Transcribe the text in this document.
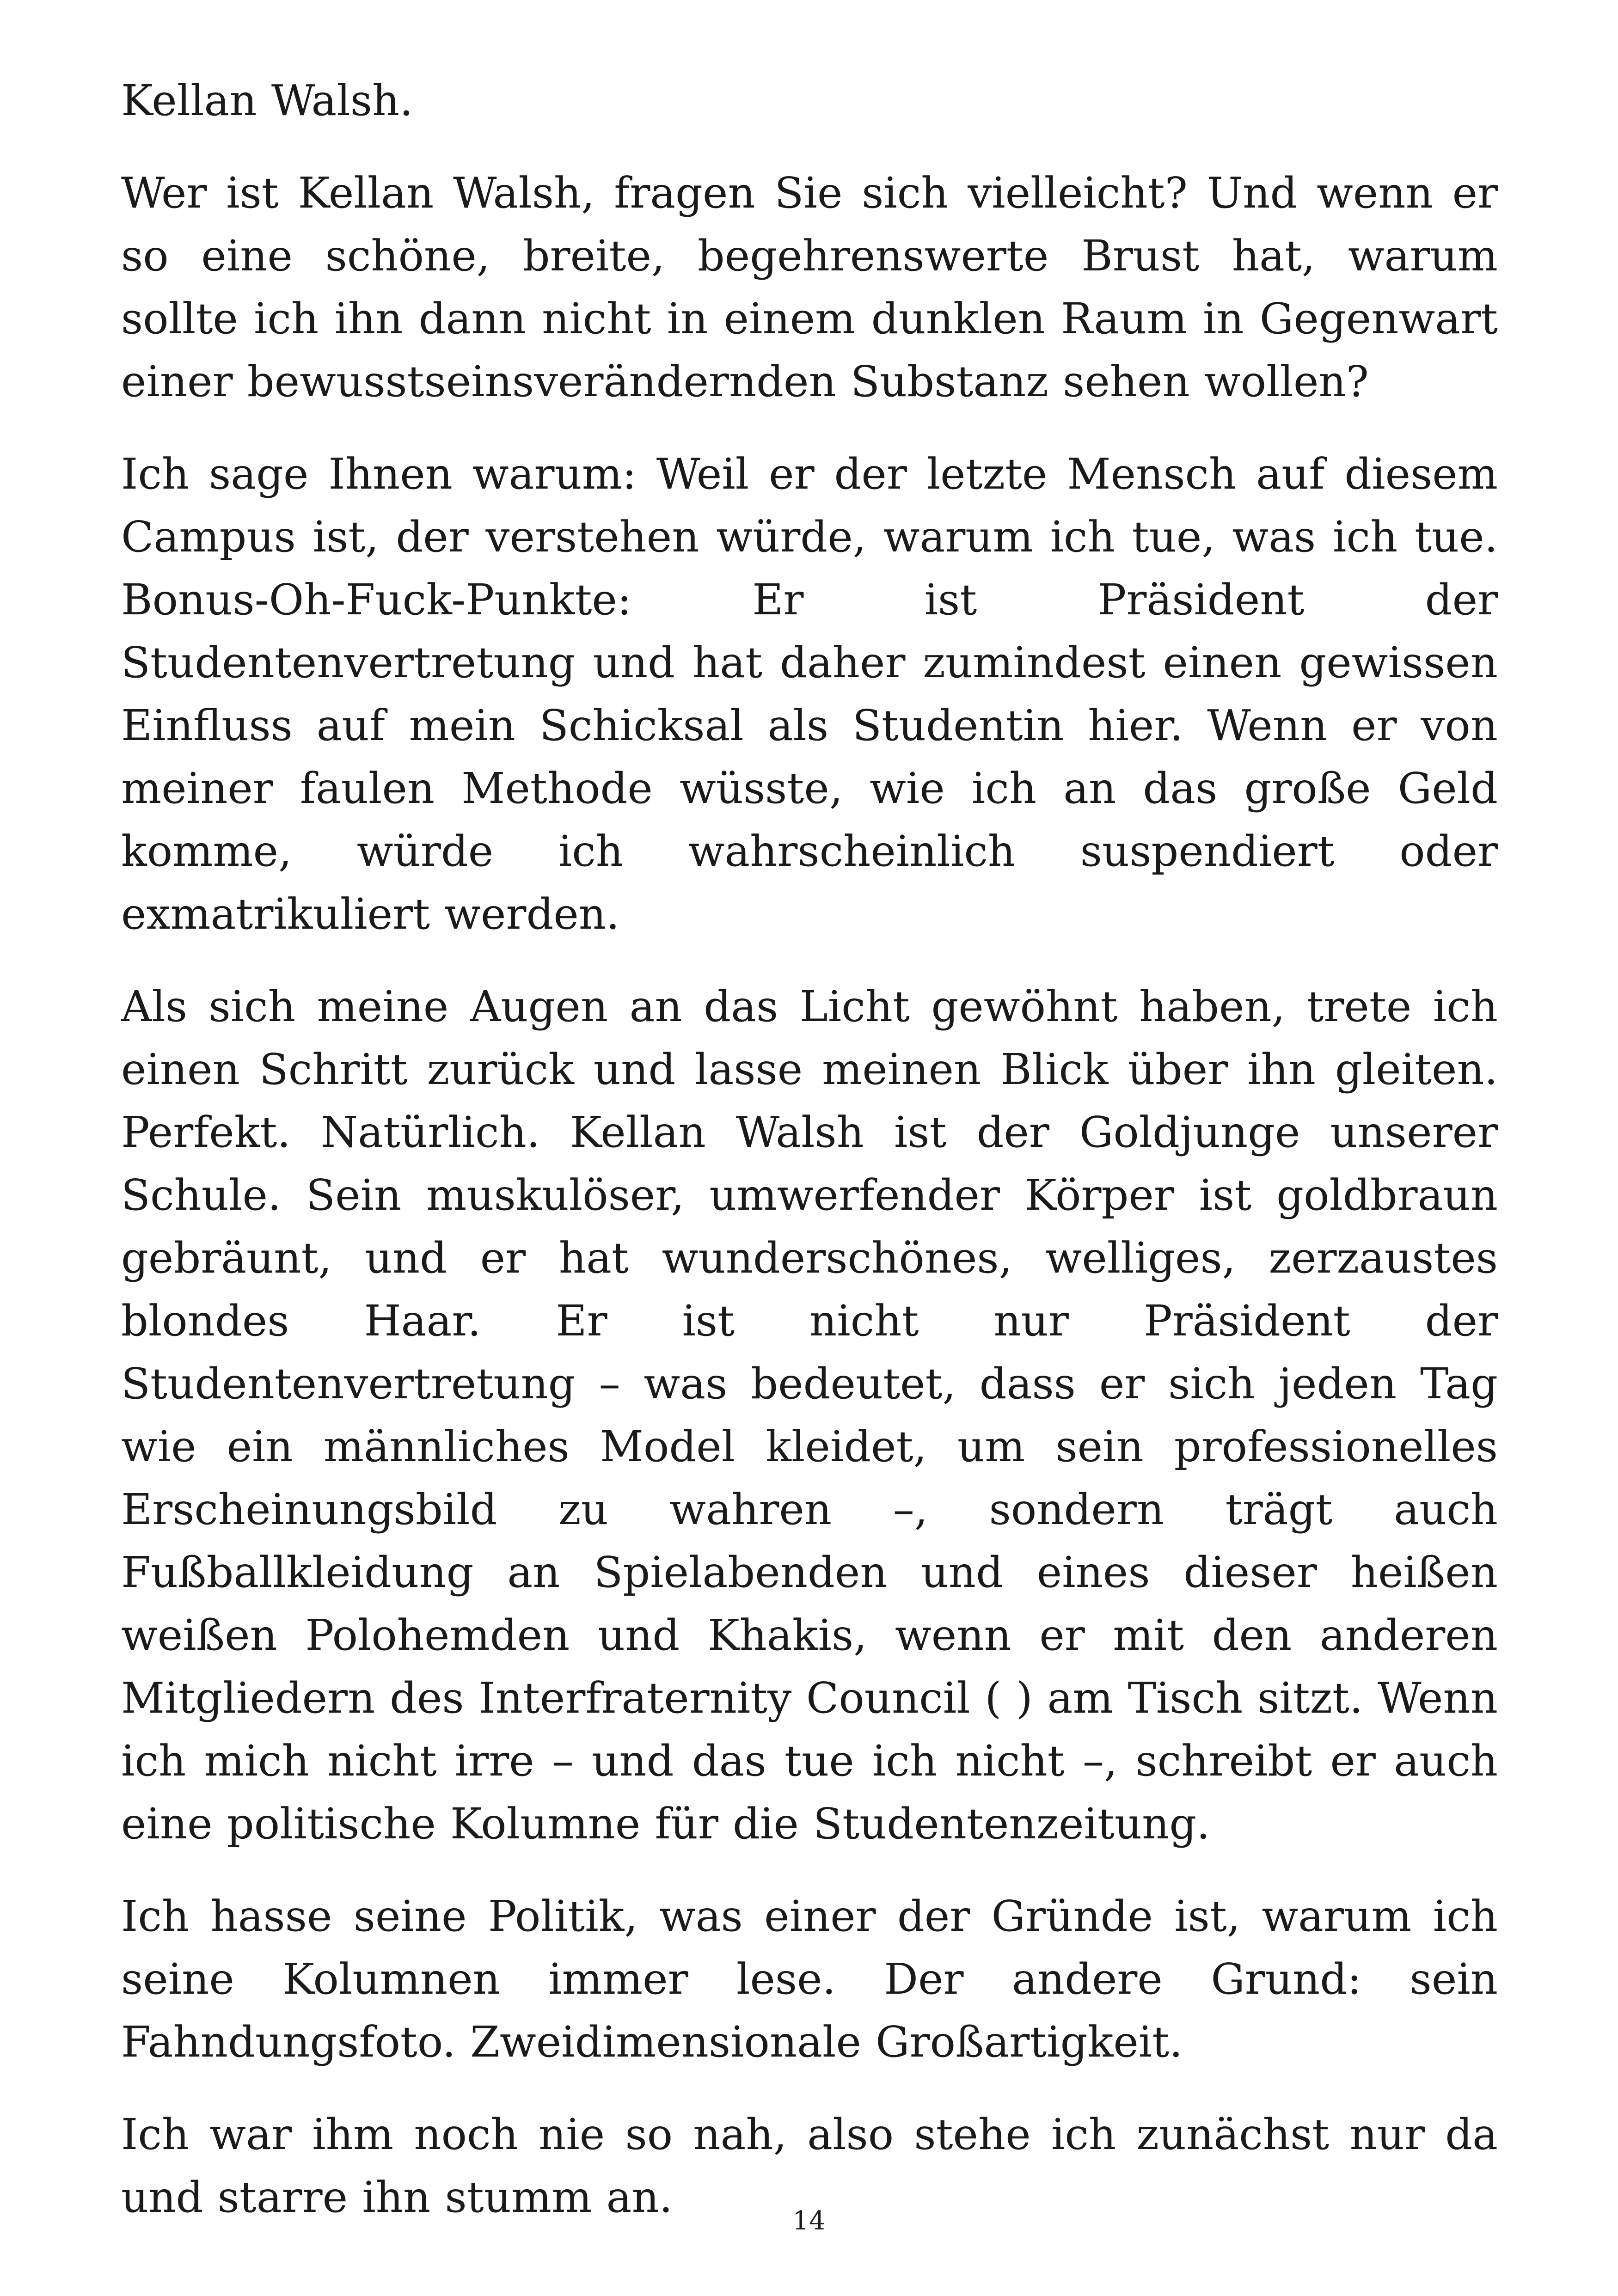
Kellan Walsh.

Wer ist Kellan Walsh, fragen Sie sich vielleicht? Und wenn er so eine schöne, breite, begehrenswerte Brust hat, warum sollte ich ihn dann nicht in einem dunklen Raum in Gegenwart einer bewusstseinsverändernden Substanz sehen wollen?

Ich sage Ihnen warum: Weil er der letzte Mensch auf diesem Campus ist, der verstehen würde, warum ich tue, was ich tue. Bonus-Oh-Fuck-Punkte: Er ist Präsident der Studentenvertretung und hat daher zumindest einen gewissen Einfluss auf mein Schicksal als Studentin hier. Wenn er von meiner faulen Methode wüsste, wie ich an das große Geld komme, würde ich wahrscheinlich suspendiert oder exmatrikuliert werden.

Als sich meine Augen an das Licht gewöhnt haben, trete ich einen Schritt zurück und lasse meinen Blick über ihn gleiten. Perfekt. Natürlich. Kellan Walsh ist der Goldjunge unserer Schule. Sein muskulöser, umwerfender Körper ist goldbraun gebräunt, und er hat wunderschönes, welliges, zerzaustes blondes Haar. Er ist nicht nur Präsident der Studentenvertretung – was bedeutet, dass er sich jeden Tag wie ein männliches Model kleidet, um sein professionelles Erscheinungsbild zu wahren –, sondern trägt auch Fußballkleidung an Spielabenden und eines dieser heißen weißen Polohemden und Khakis, wenn er mit den anderen Mitgliedern des Interfraternity Council ( ) am Tisch sitzt. Wenn ich mich nicht irre – und das tue ich nicht –, schreibt er auch eine politische Kolumne für die Studentenzeitung.

Ich hasse seine Politik, was einer der Gründe ist, warum ich seine Kolumnen immer lese. Der andere Grund: sein Fahndungsfoto. Zweidimensionale Großartigkeit.

Ich war ihm noch nie so nah, also stehe ich zunächst nur da und starre ihn stumm an.	14
